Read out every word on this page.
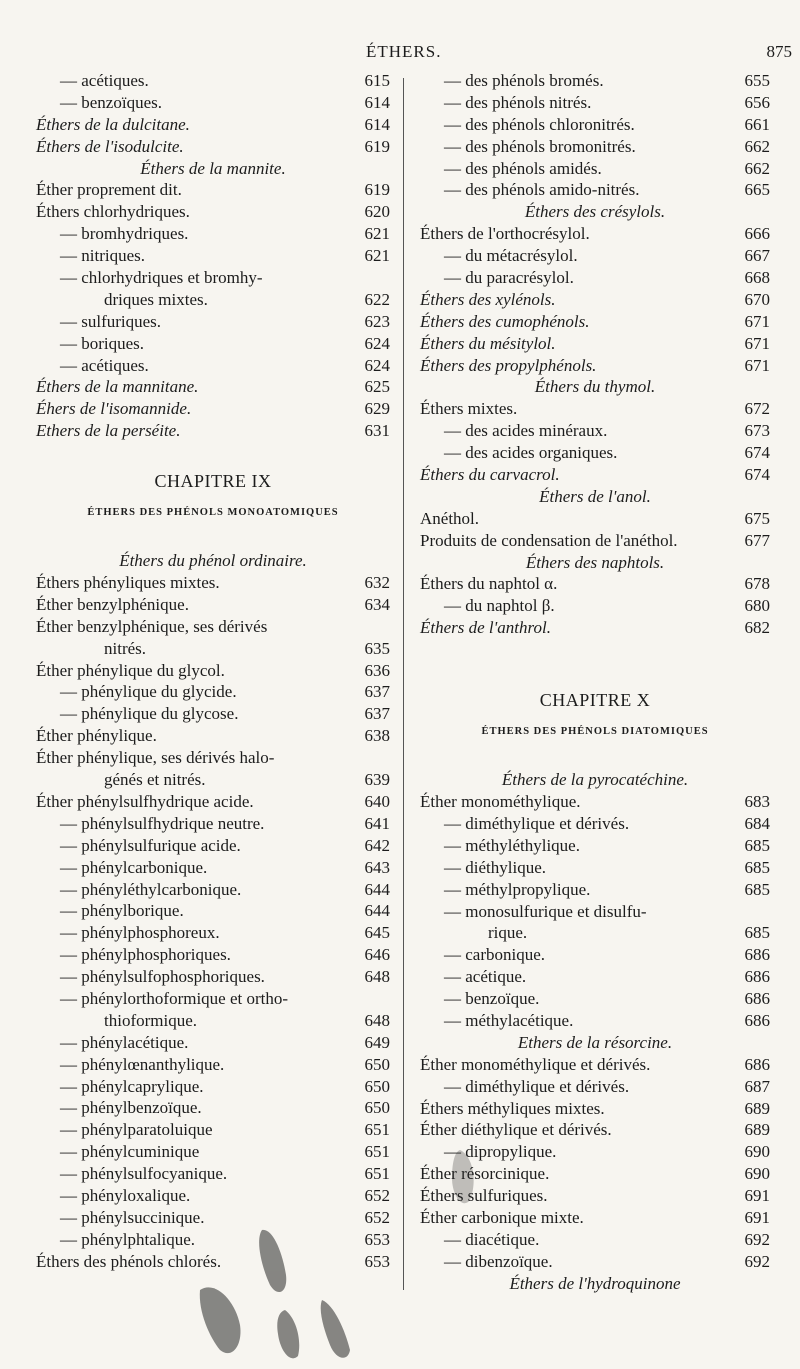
ÉTHERS.	875
— acétiques.	615
— benzoïques.	614
Éthers de la dulcitane.	614
Éthers de l'isodulcite.	619
Éthers de la mannite.
Éther proprement dit.	619
Éthers chlorhydriques.	620
— bromhydriques.	621
— nitriques.	621
— chlorhydriques et bromhy-
driques mixtes.	622
— sulfuriques.	623
— boriques.	624
— acétiques.	624
Éthers de la mannitane.	625
Éhers de l'isomannide.	629
Ethers de la perséite.	631
CHAPITRE IX
ÉTHERS DES PHÉNOLS MONOATOMIQUES
Éthers du phénol ordinaire.
Éthers phényliques mixtes.	632
Éther benzylphénique.	634
Éther benzylphénique, ses dérivés
nitrés.	635
Éther phénylique du glycol.	636
— phénylique du glycide.	637
— phénylique du glycose.	637
Éther phénylique.	638
Éther phénylique, ses dérivés halo-
génés et nitrés.	639
Éther phénylsulfhydrique acide.	640
— phénylsulfhydrique neutre.	641
— phénylsulfurique acide.	642
— phénylcarbonique.	643
— phényléthylcarbonique.	644
— phénylborique.	644
— phénylphosphoreux.	645
— phénylphosphoriques.	646
— phénylsulfophosphoriques.	648
— phénylorthoformique et ortho-
thioformique.	648
— phénylacétique.	649
— phénylœnanthylique.	650
— phénylcaprylique.	650
— phénylbenzoïque.	650
— phénylparatoluique	651
— phénylcuminique	651
— phénylsulfocyanique.	651
— phényloxalique.	652
— phénylsuccinique.	652
— phénylphtalique.	653
Éthers des phénols chlorés.	653
— des phénols bromés.	655
— des phénols nitrés.	656
— des phénols chloronitrés.	661
— des phénols bromonitrés.	662
— des phénols amidés.	662
— des phénols amido-nitrés.	665
Éthers des crésylols.
Éthers de l'orthocrésylol.	666
— du métacrésylol.	667
— du paracrésylol.	668
Éthers des xylénols.	670
Éthers des cumophénols.	671
Éthers du mésitylol.	671
Éthers des propylphénols.	671
Éthers du thymol.
Éthers mixtes.	672
— des acides minéraux.	673
— des acides organiques.	674
Éthers du carvacrol.	674
Éthers de l'anol.
Anéthol.	675
Produits de condensation de l'anéthol.	677
Éthers des naphtols.
Éthers du naphtol α.	678
— du naphtol β.	680
Éthers de l'anthrol.	682
CHAPITRE X
ÉTHERS DES PHÉNOLS DIATOMIQUES
Éthers de la pyrocatéchine.
Éther monométhylique.	683
— diméthylique et dérivés.	684
— méthyléthylique.	685
— diéthylique.	685
— méthylpropylique.	685
— monosulfurique et disulfu-
rique.	685
— carbonique.	686
— acétique.	686
— benzoïque.	686
— méthylacétique.	686
Ethers de la résorcine.
Éther monométhylique et dérivés.	686
— diméthylique et dérivés.	687
Éthers méthyliques mixtes.	689
Éther diéthylique et dérivés.	689
— dipropylique.	690
Éther résorcinique.	690
Éthers sulfuriques.	691
Éther carbonique mixte.	691
— diacétique.	692
— dibenzoïque.	692
Éthers de l'hydroquinone
